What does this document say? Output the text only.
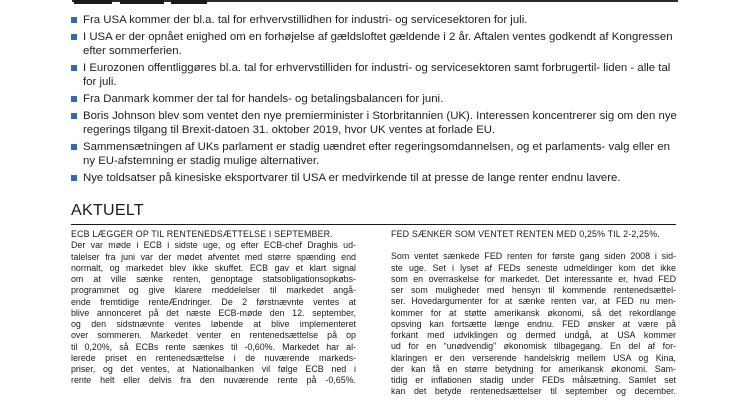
Fra USA kommer der bl.a. tal for erhvervstillidhen for industri- og servicesektoren for juli.
I USA er der opnået enighed om en forhøjelse af gældsloftet gældende i 2 år. Aftalen ventes godkendt af Kongressen efter sommerferien.
I Eurozonen offentliggøres bl.a. tal for erhvervstilliden for industri- og servicesektoren samt forbrugertil- liden - alle tal for juli.
Fra Danmark kommer der tal for handels- og betalingsbalancen for juni.
Boris Johnson blev som ventet den nye premierminister i Storbritannien (UK). Interessen koncentrerer sig om den nye regerings tilgang til Brexit-datoen 31. oktober 2019, hvor UK ventes at forlade EU.
Sammensætningen af UKs parlament er stadig uændret efter regeringsomdannelsen, og et parlaments- valg eller en ny EU-afstemning er stadig mulige alternativer.
Nye toldsatser på kinesiske eksportvarer til USA er medvirkende til at presse de lange renter endnu lavere.
AKTUELT
ECB LÆGGER OP TIL RENTENEDSÆTTELSE I SEPTEMBER.
Der var møde i ECB i sidste uge, og efter ECB-chef Draghis ud-
talelser fra juni var der mødet afventet med større spænding end
normalt, og markedet blev ikke skuffet. ECB gav et klart signal
om at ville sænke renten, genoptage statsobligationsopkøbs-
programmet og give klarere meddelelser til markedet angå-
ende fremtidige renteÆndringer. De 2 førstnævnte ventes at
blive annonceret på det næste ECB-møde den 12. september,
og den sidstnævnte ventes løbende at blive implementeret
over sommeren. Markedet venter en rentenedsættelse på op
til 0,20%, så ECBs rente sænkes til -0,60%. Markedet har al-
lerede priset en rentenedsættelse i de nuværende markeds-
priser, og det ventes, at Nationalbanken vil følge ECB ned i
rente helt eller delvis fra den nuværende rente på -0,65%.
FED SÆNKER SOM VENTET RENTEN MED 0,25% TIL 2-2,25%.
Som ventet sænkede FED renten for første gang siden 2008 i sid-
ste uge. Set i lyset af FEDs seneste udmeldinger kom det ikke
som en overraskelse for markedet. Det interessante er, hvad FED
ser som muligheder med hensyn til kommende rentenedsættel-
ser. Hovedargumenter for at sænke renten var, at FED nu men-
kommer for at støtte amerikansk økonomi, så det rekordlange
opsving kan fortsætte længe endnu. FED ønsker at være på
forkant med udviklingen og dermed undgå, at USA kommer
ud for en “unødvendig” økonomisk tilbagegang. En del af for-
klaringen er den verserende handelskrig mellem USA og Kina,
der kan få en større betydning for amerikansk økonomi. Sam-
tidig er inflationen stadig under FEDs målsætning. Samlet set
kan det betyde rentenedsættelser til september og december.
